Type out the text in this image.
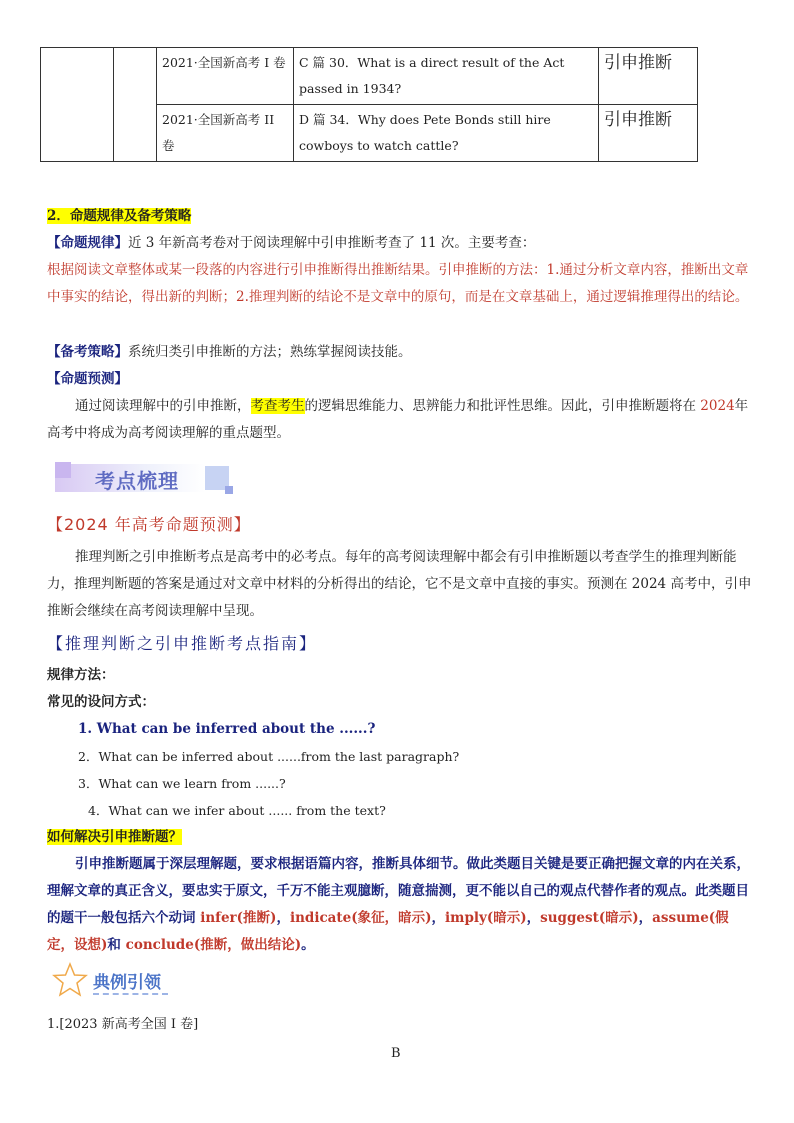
		2021·全国新高考 I 卷	C 篇 30．What is a direct result of the Act passed in 1934?	引申推断
		2021·全国新高考 II 卷	D 篇 34．Why does Pete Bonds still hire cowboys to watch cattle?	引申推断
2．命题规律及备考策略
【命题规律】近 3 年新高考卷对于阅读理解中引申推断考查了 11 次。主要考查：
根据阅读文章整体或某一段落的内容进行引申推断得出推断结果。引申推断的方法：1.通过分析文章内容，推断出文章中事实的结论，得出新的判断；2.推理判断的结论不是文章中的原句，而是在文章基础上，通过逻辑推理得出的结论。
【备考策略】系统归类引申推断的方法；熟练掌握阅读技能。
【命题预测】
通过阅读理解中的引申推断，考查考生的逻辑思维能力、思辨能力和批评性思维。因此，引申推断题将在 2024年高考中将成为高考阅读理解的重点题型。
考点梳理
【2024 年高考命题预测】
推理判断之引申推断考点是高考中的必考点。每年的高考阅读理解中都会有引申推断题以考查学生的推理判断能力，推理判断题的答案是通过对文章中材料的分析得出的结论，它不是文章中直接的事实。预测在 2024 高考中，引申推断会继续在高考阅读理解中呈现。
【推理判断之引申推断考点指南】
规律方法：
常见的设问方式：
1. What can be inferred about the ......?
2．What can be inferred about ......from the last paragraph?
3．What can we learn from ......?
4．What can we infer about ...... from the text?
如何解决引申推断题？
引申推断题属于深层理解题，要求根据语篇内容，推断具体细节。做此类题目关键是要正确把握文章的内在关系，理解文章的真正含义，要忠实于原文，千万不能主观臆断，随意揣测，更不能以自己的观点代替作者的观点。此类题目的题干一般包括六个动词 infer(推断)，indicate(象征，暗示)，imply(暗示)，suggest(暗示)，assume(假定，设想)和 conclude(推断，做出结论)。
典例引领
1.[2023 新高考全国 I 卷]
B
